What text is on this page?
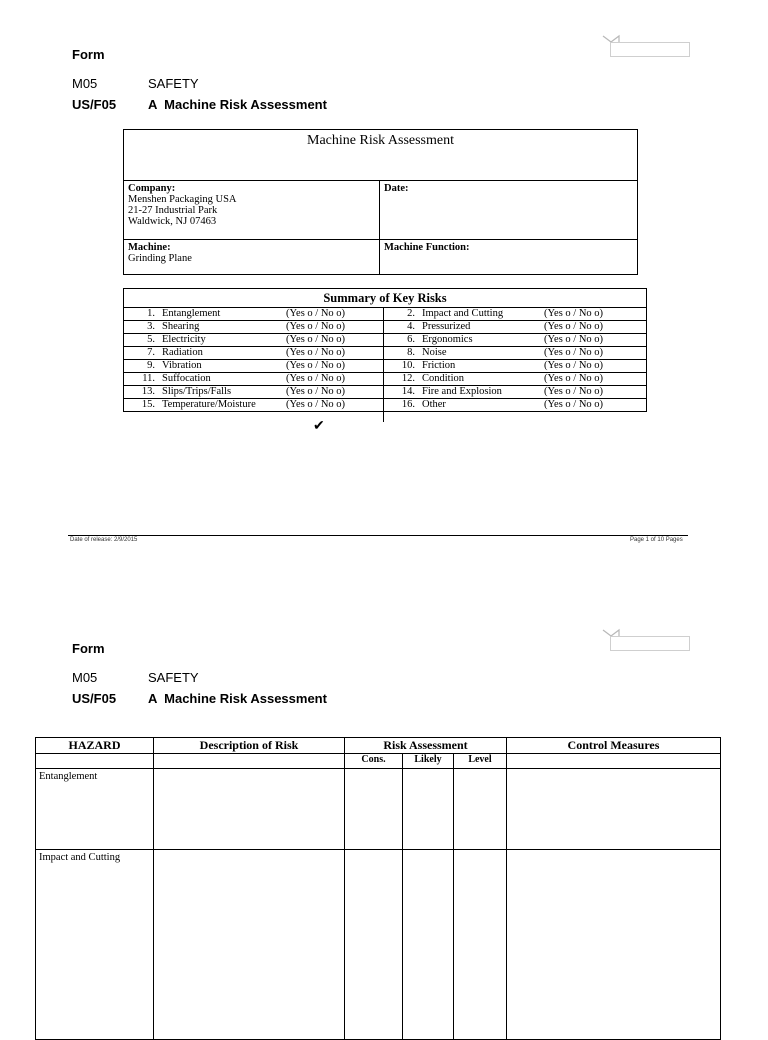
Form
M05	SAFETY
US/F05 A  Machine Risk Assessment
Machine Risk Assessment	

Company:
Menshen Packaging USA
21-27 Industrial Park
Waldwick, NJ 07463	Date:

Machine:
Grinding Plane	Machine Function:
Summary of Key Risks
1.	Entanglement	(Yes o / No o)	2.	Impact and Cutting	(Yes o / No o)
3.	Shearing	(Yes o / No o)	4.	Pressurized	(Yes o / No o)
5.	Electricity	(Yes o / No o)	6.	Ergonomics	(Yes o / No o)
7.	Radiation	(Yes o / No o)	8.	Noise	(Yes o / No o)
9.	Vibration	(Yes o / No o)	10.	Friction	(Yes o / No o)
11.	Suffocation	(Yes o / No o)	12.	Condition	(Yes o / No o)
13.	Slips/Trips/Falls	(Yes o / No o)	14.	Fire and Explosion	(Yes o / No o)
15.	Temperature/Moisture	(Yes o / No o)	16.	Other	(Yes o / No o)
✔
Date of release: 2/9/2015	Page 1 of 10 Pages
Form
M05	SAFETY
US/F05 A  Machine Risk Assessment
HAZARD	Description of Risk	Risk Assessment			Control Measures
		Cons.	Likely	Level	
Entanglement					
Impact and Cutting					
